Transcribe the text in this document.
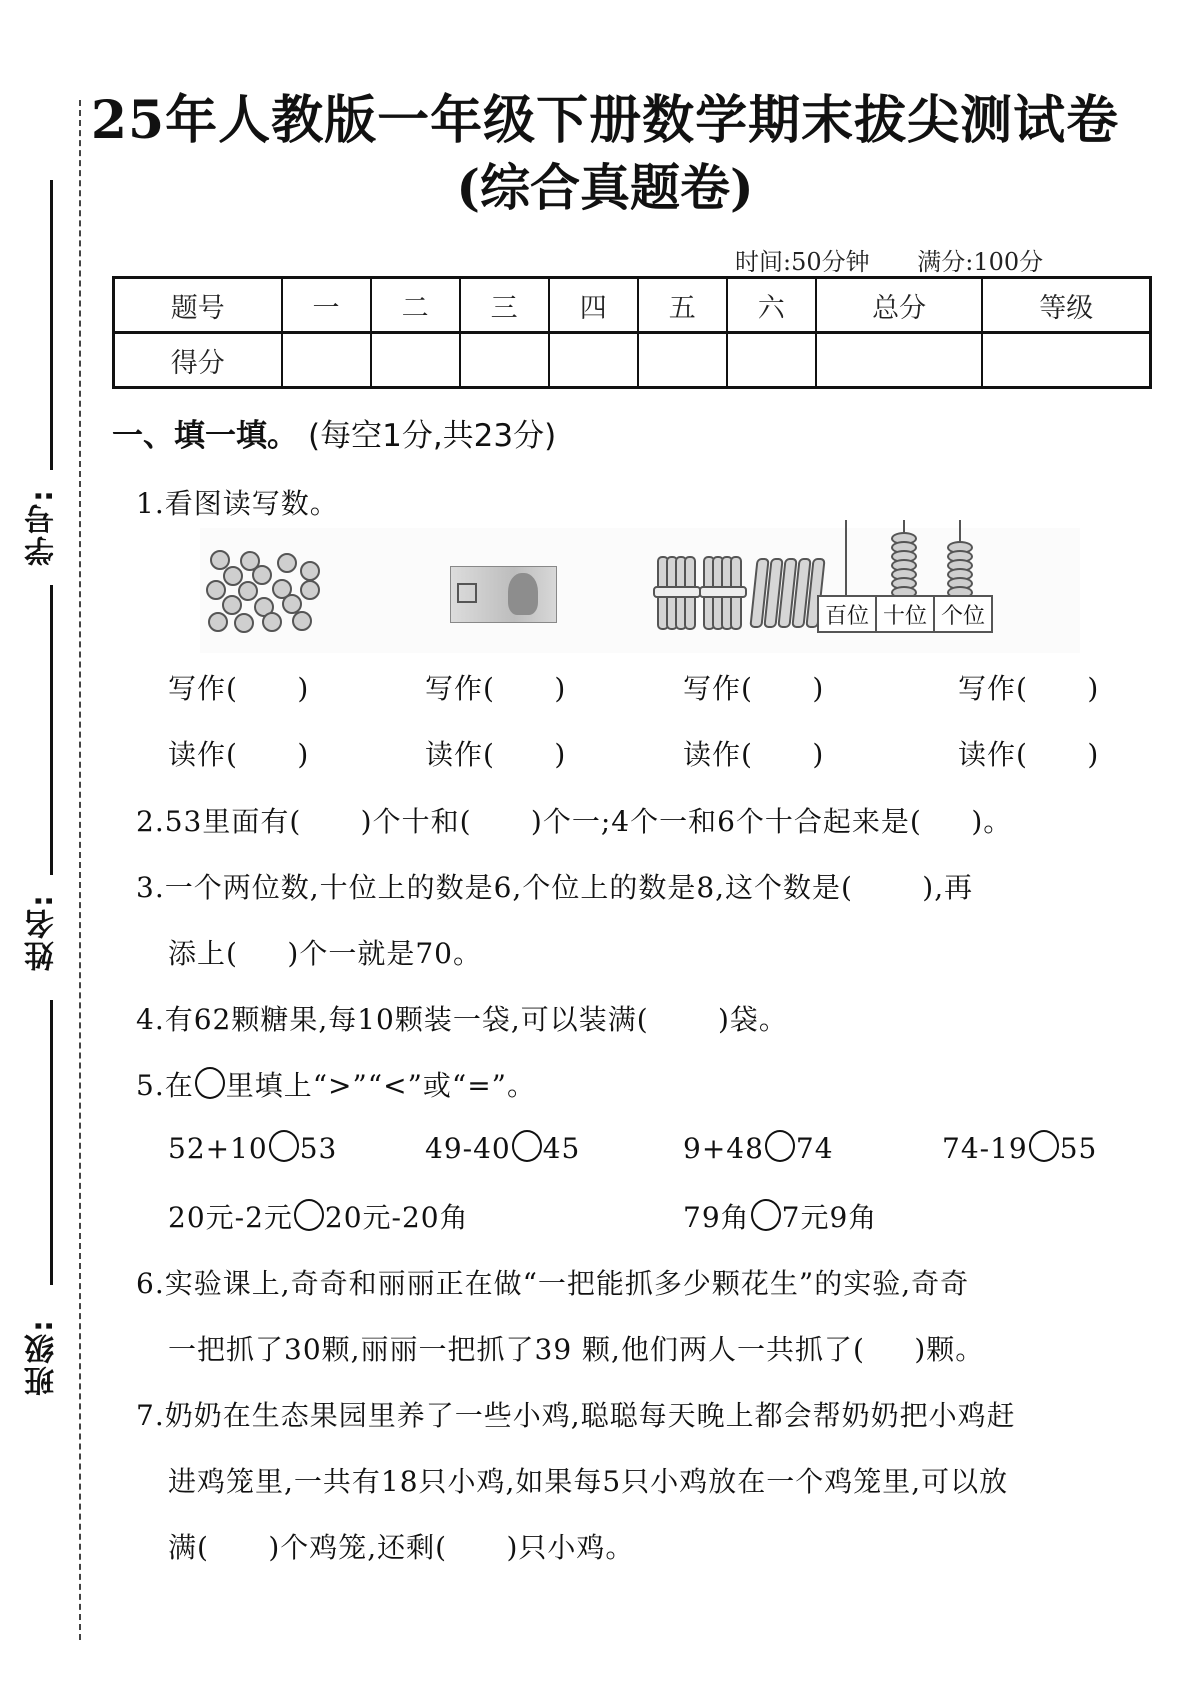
学号:
姓名:
班级:
25年人教版一年级下册数学期末拔尖测试卷
(综合真题卷)
时间:50分钟 满分:100分
题号	一	二	三	四	五	六	总分	等级
得分								
一、填一填。 (每空1分,共23分)
1.看图读写数。
百位 十位 个位
写作(      )	写作(      )	写作(      )	写作(      )
读作(      )	读作(      )	读作(      )	读作(      )
2.53里面有(      )个十和(      )个一;4个一和6个十合起来是(     )。
3.一个两位数,十位上的数是6,个位上的数是8,这个数是(       ),再
添上(     )个一就是70。
4.有62颗糖果,每10颗装一袋,可以装满(       )袋。
5.在 里填上“>”“<”或“=”。
52+10 53	49-40 45	9+48 74	74-19 55
20元-2元 20元-20角	79角 7元9角
6.实验课上,奇奇和丽丽正在做“一把能抓多少颗花生”的实验,奇奇
一把抓了30颗,丽丽一把抓了39 颗,他们两人一共抓了(     )颗。
7.奶奶在生态果园里养了一些小鸡,聪聪每天晚上都会帮奶奶把小鸡赶
进鸡笼里,一共有18只小鸡,如果每5只小鸡放在一个鸡笼里,可以放
满(      )个鸡笼,还剩(      )只小鸡。
